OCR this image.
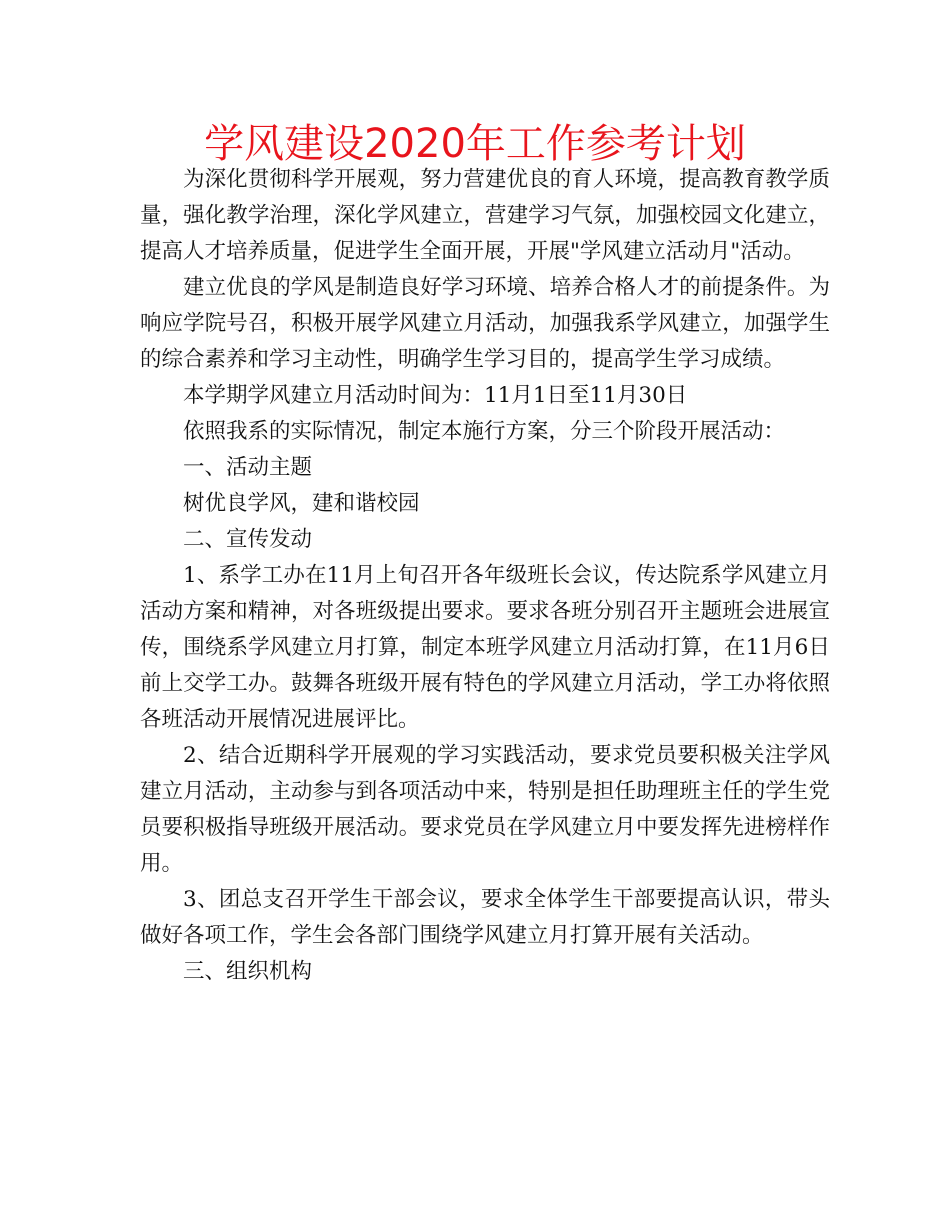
学风建设2020年工作参考计划

为深化贯彻科学开展观，努力营建优良的育人环境，提高教育教学质量，强化教学治理，深化学风建立，营建学习气氛，加强校园文化建立，提高人才培养质量，促进学生全面开展，开展"学风建立活动月"活动。

建立优良的学风是制造良好学习环境、培养合格人才的前提条件。为响应学院号召，积极开展学风建立月活动，加强我系学风建立，加强学生的综合素养和学习主动性，明确学生学习目的，提高学生学习成绩。

本学期学风建立月活动时间为：11月1日至11月30日

依照我系的实际情况，制定本施行方案，分三个阶段开展活动：

一、活动主题

树优良学风，建和谐校园

二、宣传发动

1、系学工办在11月上旬召开各年级班长会议，传达院系学风建立月活动方案和精神，对各班级提出要求。要求各班分别召开主题班会进展宣传，围绕系学风建立月打算，制定本班学风建立月活动打算，在11月6日前上交学工办。鼓舞各班级开展有特色的学风建立月活动，学工办将依照各班活动开展情况进展评比。

2、结合近期科学开展观的学习实践活动，要求党员要积极关注学风建立月活动，主动参与到各项活动中来，特别是担任助理班主任的学生党员要积极指导班级开展活动。要求党员在学风建立月中要发挥先进榜样作用。

3、团总支召开学生干部会议，要求全体学生干部要提高认识，带头做好各项工作，学生会各部门围绕学风建立月打算开展有关活动。

三、组织机构
